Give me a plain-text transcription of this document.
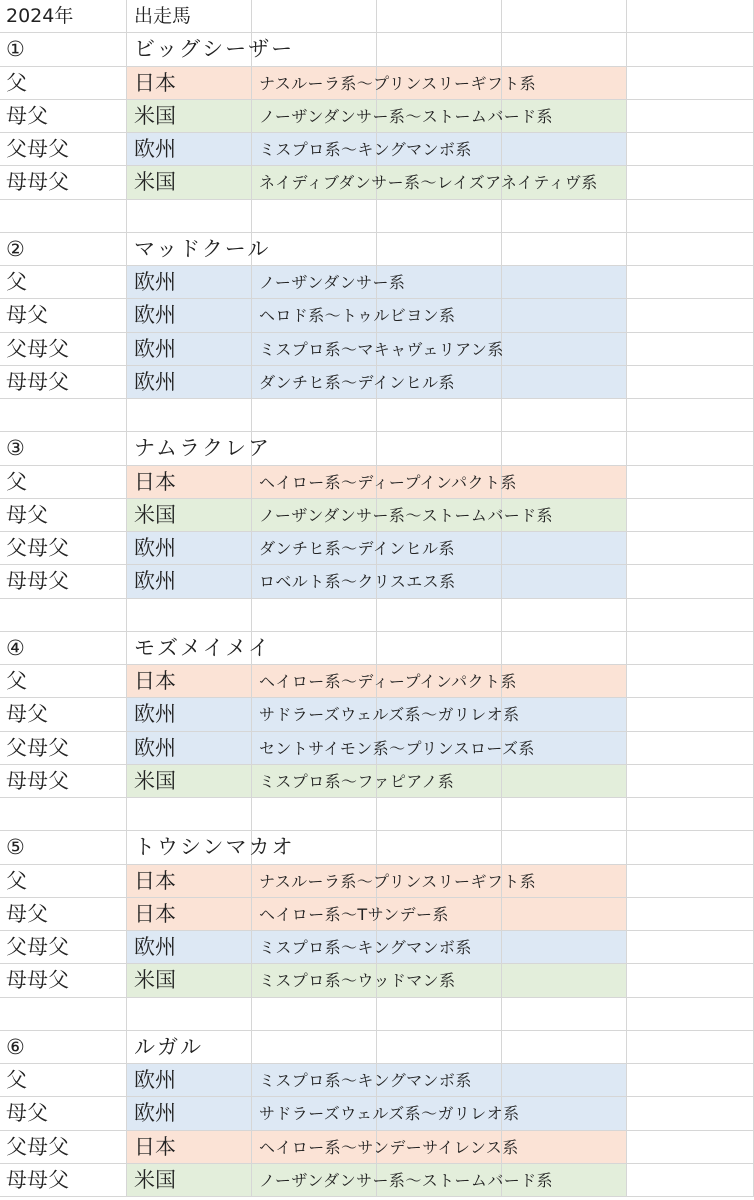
2024年	出走馬
①	ビッグシーザー
父	日本	ナスルーラ系～プリンスリーギフト系
母父	米国	ノーザンダンサー系～ストームバード系
父母父	欧州	ミスプロ系～キングマンボ系
母母父	米国	ネイディブダンサー系～レイズアネイティヴ系
②	マッドクール
父	欧州	ノーザンダンサー系
母父	欧州	ヘロド系～トゥルビヨン系
父母父	欧州	ミスプロ系～マキャヴェリアン系
母母父	欧州	ダンチヒ系～デインヒル系
③	ナムラクレア
父	日本	ヘイロー系～ディープインパクト系
母父	米国	ノーザンダンサー系～ストームバード系
父母父	欧州	ダンチヒ系～デインヒル系
母母父	欧州	ロベルト系～クリスエス系
④	モズメイメイ
父	日本	ヘイロー系～ディープインパクト系
母父	欧州	サドラーズウェルズ系～ガリレオ系
父母父	欧州	セントサイモン系～プリンスローズ系
母母父	米国	ミスプロ系～ファピアノ系
⑤	トウシンマカオ
父	日本	ナスルーラ系～プリンスリーギフト系
母父	日本	ヘイロー系～Tサンデー系
父母父	欧州	ミスプロ系～キングマンボ系
母母父	米国	ミスプロ系～ウッドマン系
⑥	ルガル
父	欧州	ミスプロ系～キングマンボ系
母父	欧州	サドラーズウェルズ系～ガリレオ系
父母父	日本	ヘイロー系～サンデーサイレンス系
母母父	米国	ノーザンダンサー系～ストームバード系
